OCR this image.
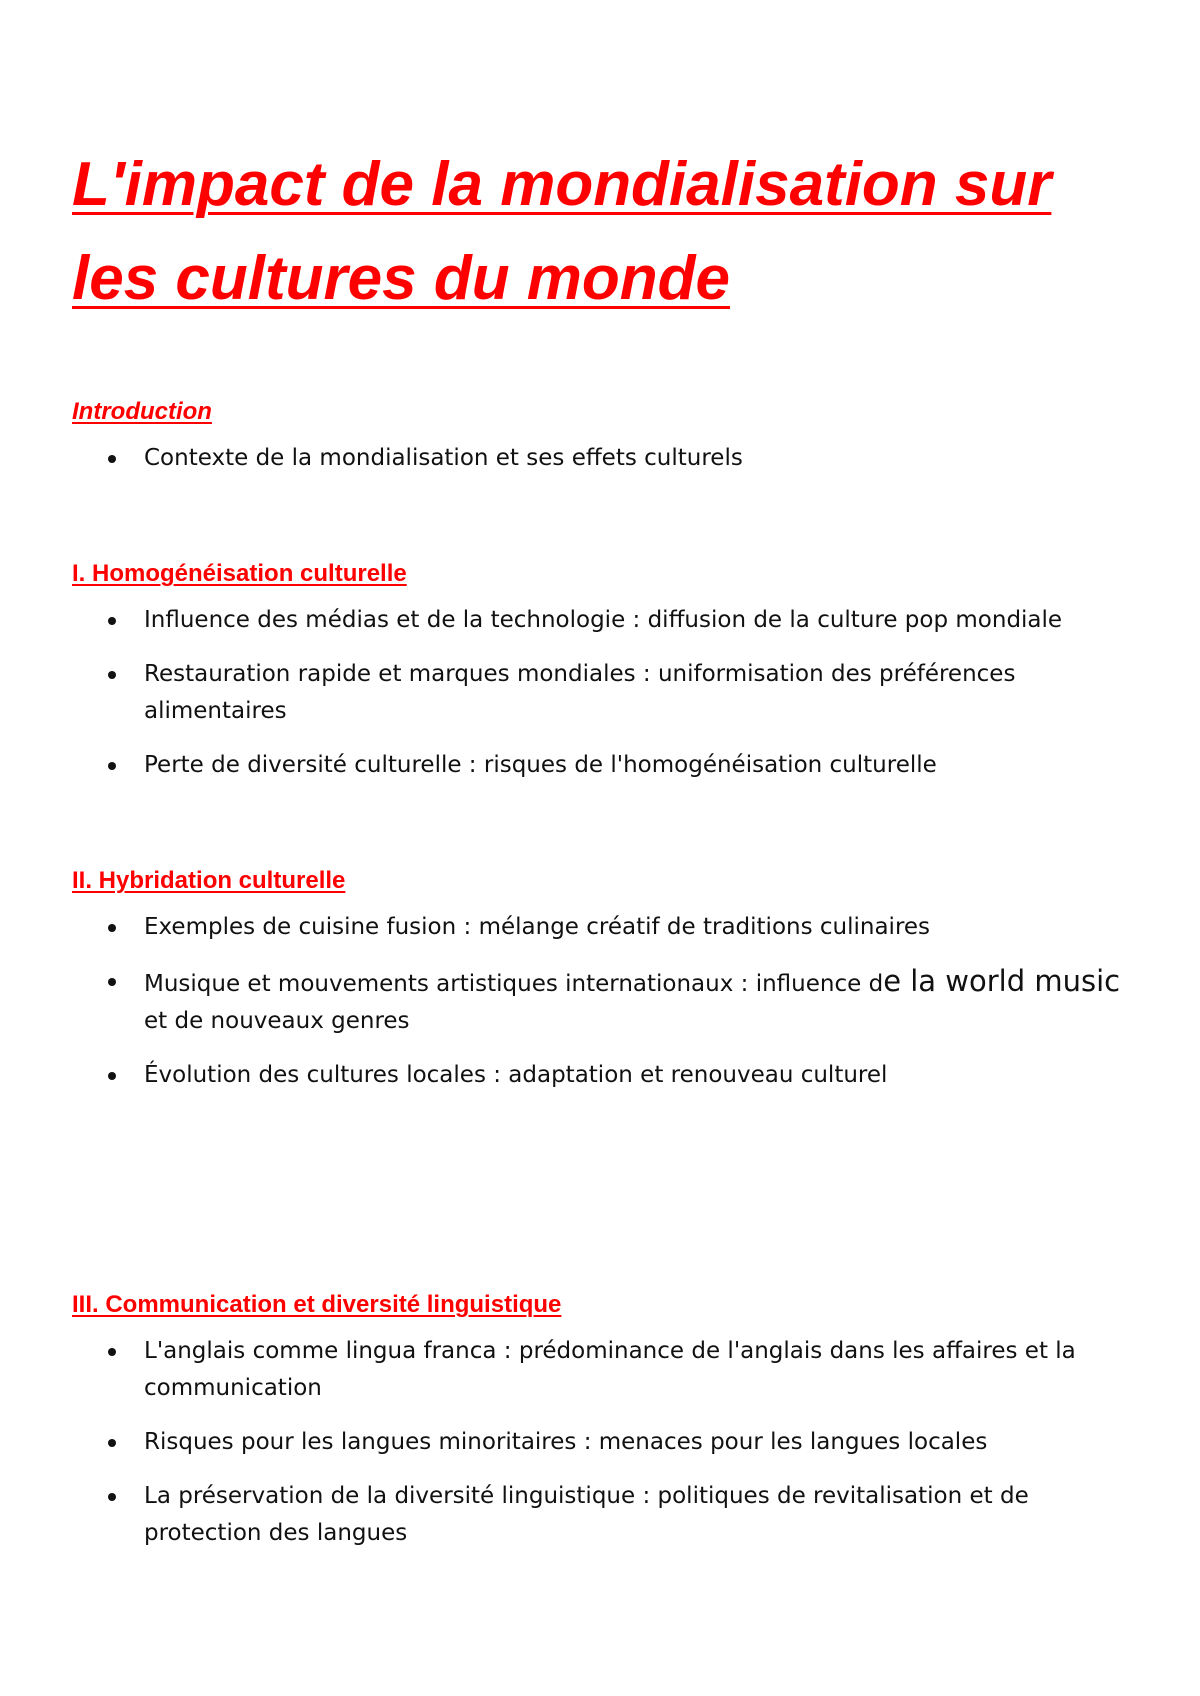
L'impact de la mondialisation sur les cultures du monde
Introduction
Contexte de la mondialisation et ses effets culturels
I. Homogénéisation culturelle
Influence des médias et de la technologie : diffusion de la culture pop mondiale
Restauration rapide et marques mondiales : uniformisation des préférences alimentaires
Perte de diversité culturelle : risques de l'homogénéisation culturelle
II. Hybridation culturelle
Exemples de cuisine fusion : mélange créatif de traditions culinaires
Musique et mouvements artistiques internationaux : influence de la world music et de nouveaux genres
Évolution des cultures locales : adaptation et renouveau culturel
III. Communication et diversité linguistique
L'anglais comme lingua franca : prédominance de l'anglais dans les affaires et la communication
Risques pour les langues minoritaires : menaces pour les langues locales
La préservation de la diversité linguistique : politiques de revitalisation et de protection des langues
